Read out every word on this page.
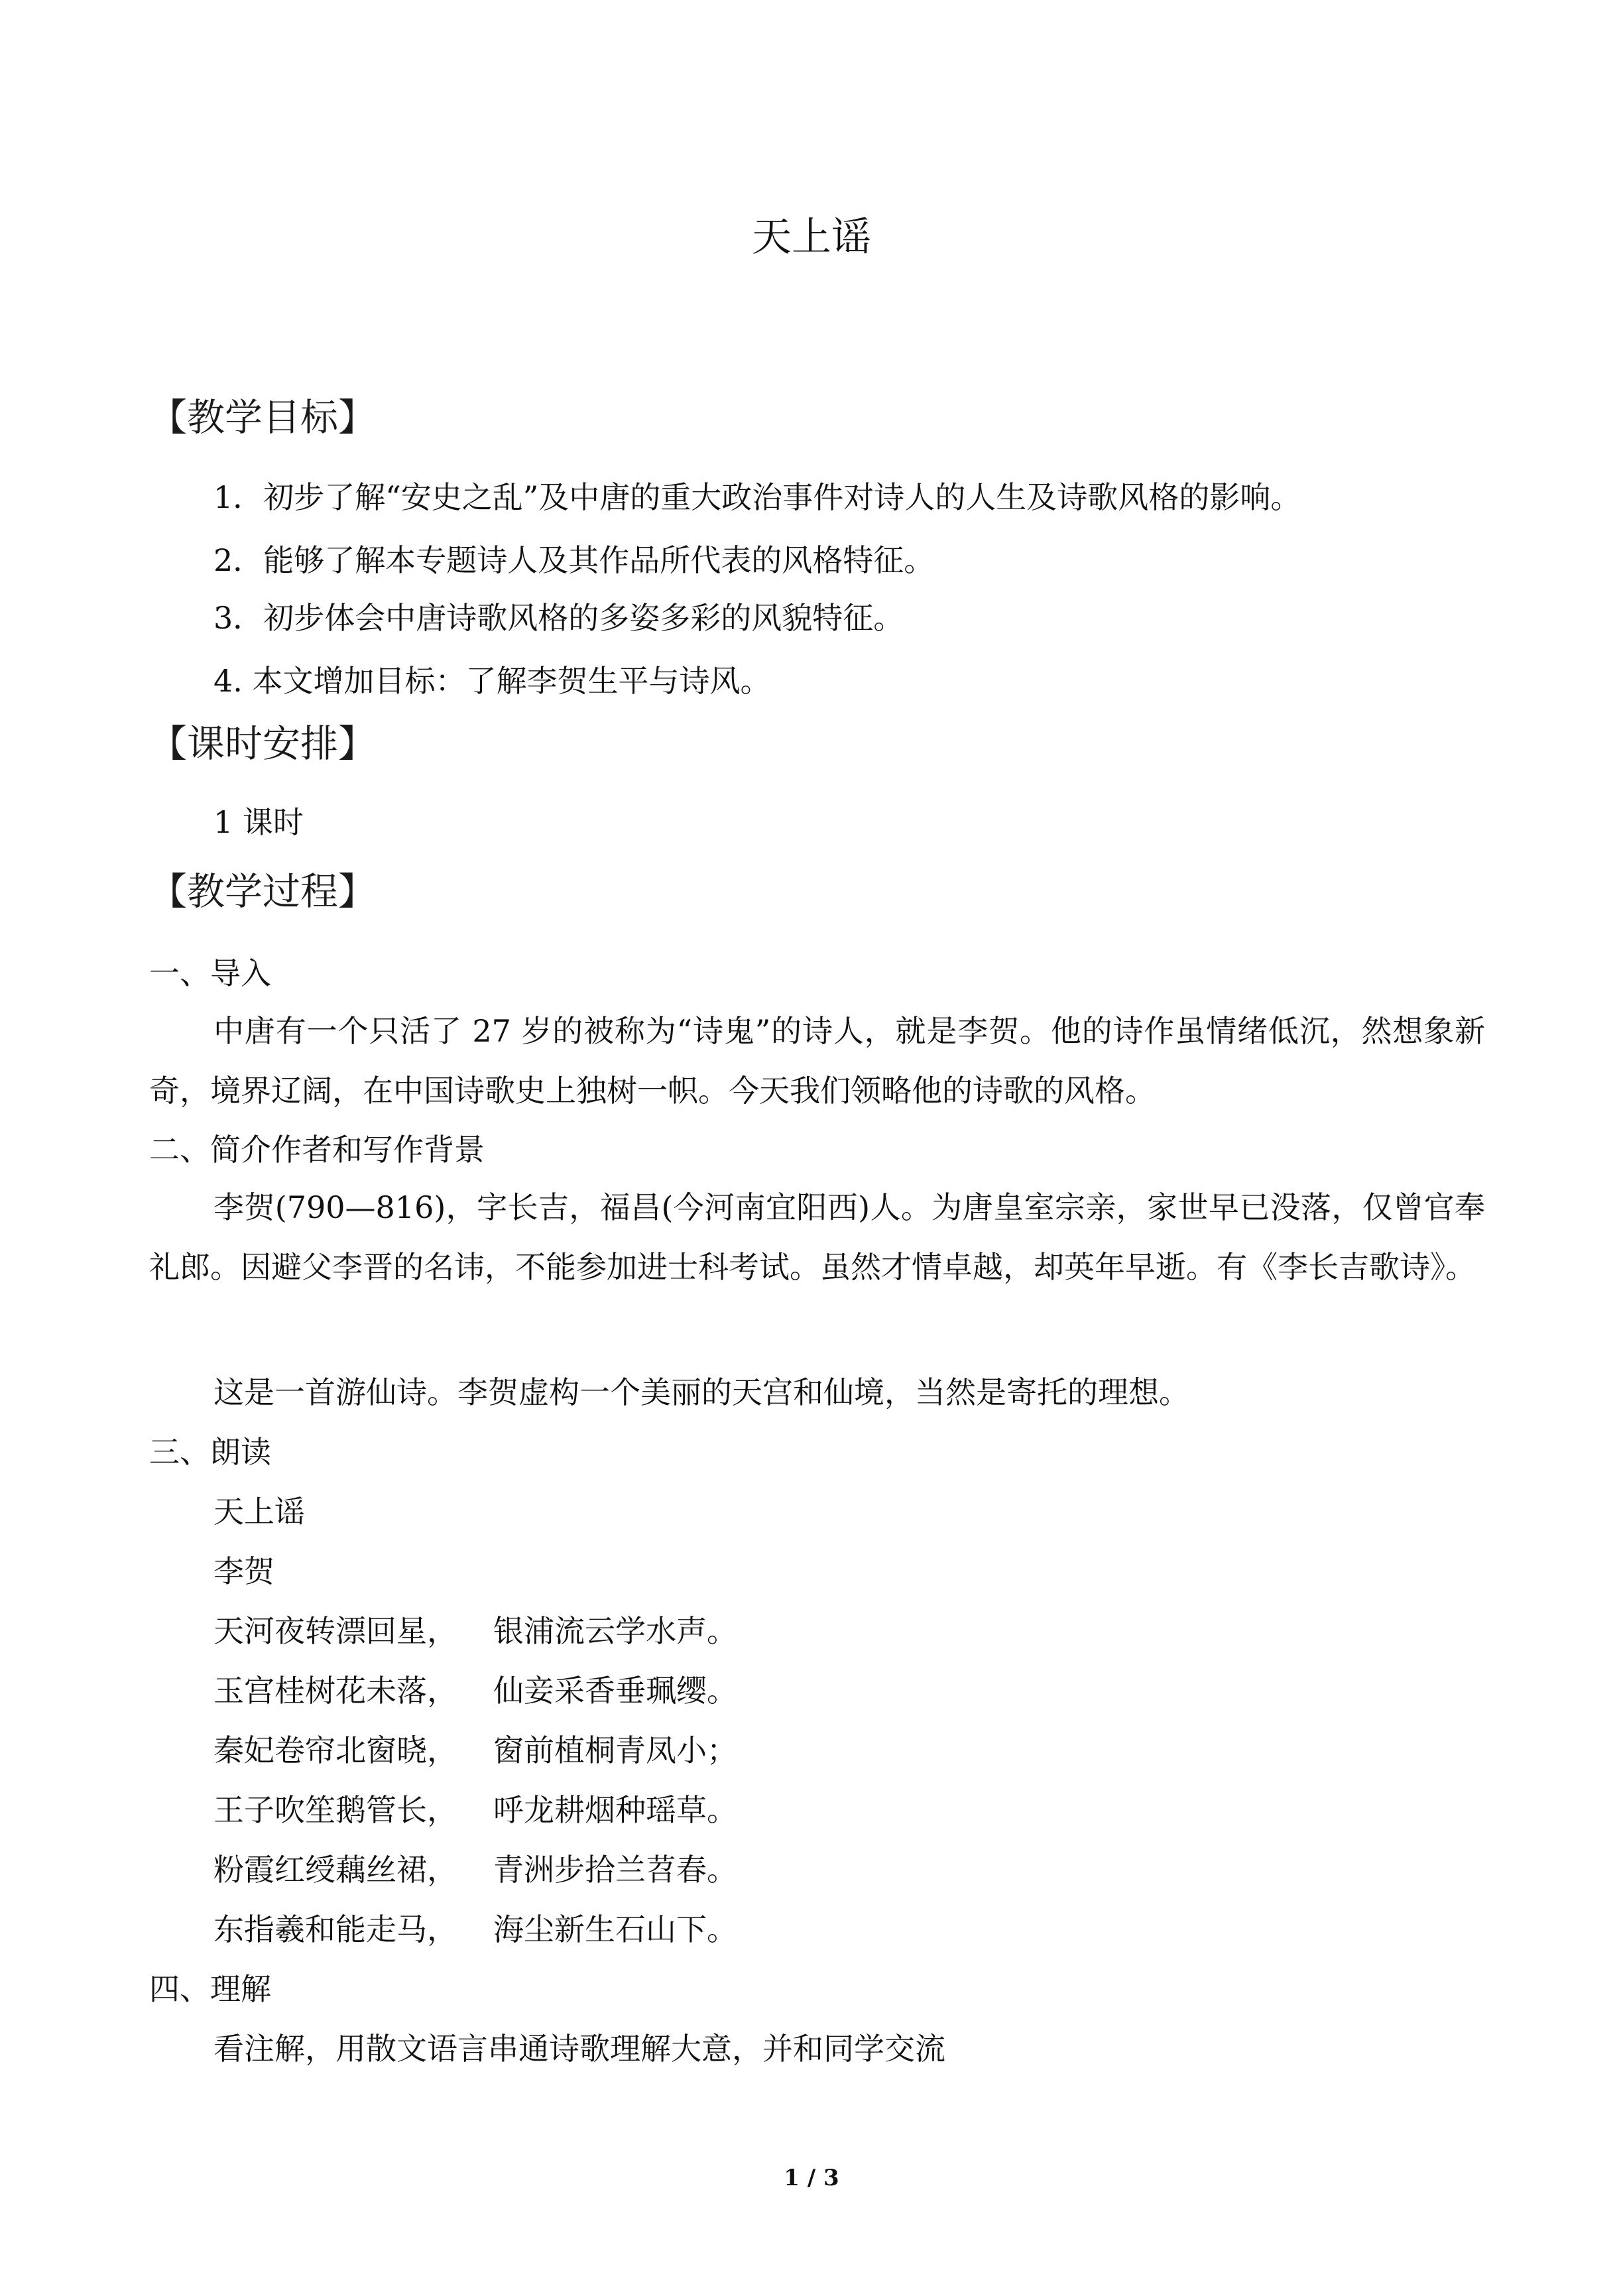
天上谣
【教学目标】
1．初步了解“安史之乱”及中唐的重大政治事件对诗人的人生及诗歌风格的影响。
2．能够了解本专题诗人及其作品所代表的风格特征。
3．初步体会中唐诗歌风格的多姿多彩的风貌特征。
4. 本文增加目标：了解李贺生平与诗风。
【课时安排】
1 课时
【教学过程】
一、导入
中唐有一个只活了 27 岁的被称为“诗鬼”的诗人，就是李贺。他的诗作虽情绪低沉，然想象新奇，境界辽阔，在中国诗歌史上独树一帜。今天我们领略他的诗歌的风格。
二、简介作者和写作背景
李贺(790—816)，字长吉，福昌(今河南宜阳西)人。为唐皇室宗亲，家世早已没落，仅曾官奉礼郎。因避父李晋的名讳，不能参加进士科考试。虽然才情卓越，却英年早逝。有《李长吉歌诗》。
这是一首游仙诗。李贺虚构一个美丽的天宫和仙境，当然是寄托的理想。
三、朗读
天上谣
李贺
天河夜转漂回星， 银浦流云学水声。
玉宫桂树花未落， 仙妾采香垂珮缨。
秦妃卷帘北窗晓， 窗前植桐青凤小；
王子吹笙鹅管长， 呼龙耕烟种瑶草。
粉霞红绶藕丝裙， 青洲步拾兰苕春。
东指羲和能走马， 海尘新生石山下。
四、理解
看注解，用散文语言串通诗歌理解大意，并和同学交流
1 / 3
